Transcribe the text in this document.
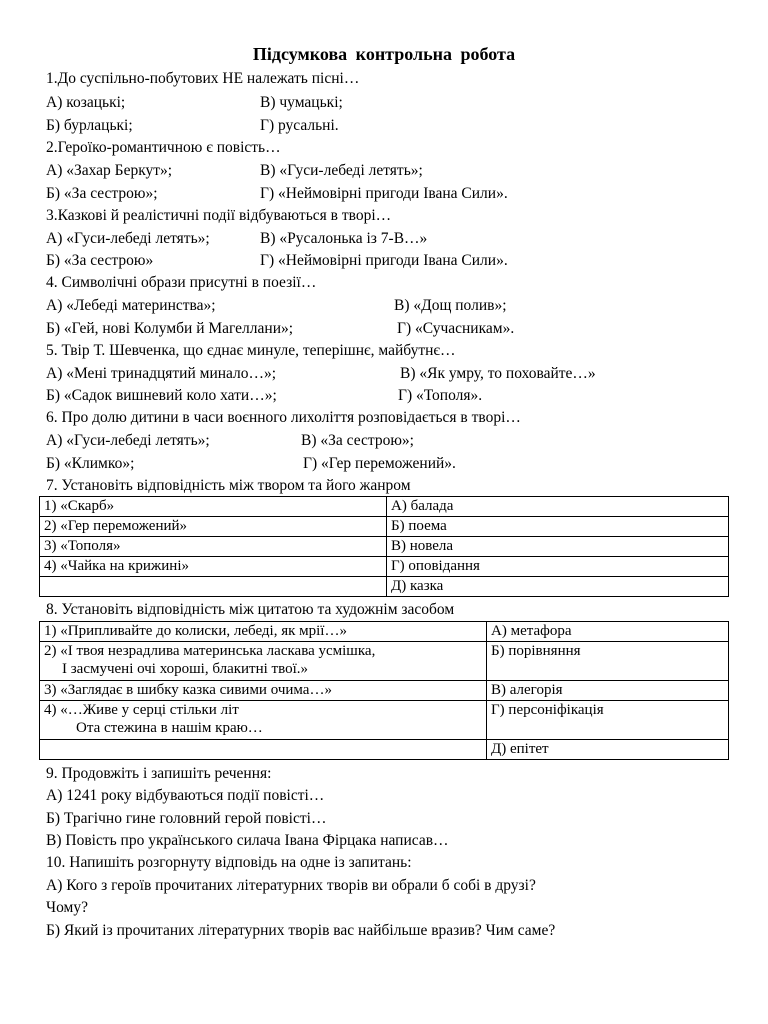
Підсумкова контрольна робота
1.До суспільно-побутових НЕ належать пісні…
А) козацькі;	В) чумацькі;
Б) бурлацькі;	Г) русальні.
2.Героїко-романтичною є повість…
А) «Захар Беркут»;	В) «Гуси-лебеді летять»;
Б) «За сестрою»;	Г) «Неймовірні пригоди Івана Сили».
3.Казкові й реалістичні події відбуваються в творі…
А) «Гуси-лебеді летять»;	В) «Русалонька із 7-В…»
Б) «За сестрою»	Г) «Неймовірні пригоди Івана Сили».
4. Символічні образи присутні в поезії…
А) «Лебеді материнства»;	В) «Дощ полив»;
Б) «Гей, нові Колумби й Магеллани»;	Г) «Сучасникам».
5. Твір Т. Шевченка, що єднає минуле, теперішнє, майбутнє…
А) «Мені тринадцятий минало…»;	В) «Як умру, то поховайте…»
Б) «Садок вишневий коло хати…»;	Г) «Тополя».
6. Про долю дитини в часи воєнного лихоліття розповідається в творі…
А) «Гуси-лебеді летять»;	В) «За сестрою»;
Б) «Климко»;	Г) «Гер переможений».
7. Установіть відповідність між твором та його жанром
1) «Скарб»	А) балада
2) «Гер переможений»	Б) поема
3) «Тополя»	В) новела
4) «Чайка на крижині»	Г) оповідання
	Д) казка
8. Установіть відповідність між цитатою та художнім засобом
1) «Припливайте до колиски, лебеді, як мрії…»	А) метафора
2) «І твоя незрадлива материнська ласкава усмішка,
І засмучені очі хороші, блакитні твої.»	Б) порівняння
3) «Заглядає в шибку казка сивими очима…»	В) алегорія
4) «…Живе у серці стільки літ
Ота стежина в нашім краю…	Г) персоніфікація
	Д) епітет
9. Продовжіть і запишіть речення:
А) 1241 року відбуваються події повісті…
Б) Трагічно гине головний герой повісті…
В) Повість про українського силача Івана Фірцака написав…
10. Напишіть розгорнуту відповідь на одне із запитань:
А) Кого з героїв прочитаних літературних творів ви обрали б собі в друзі?
Чому?
Б) Який із прочитаних літературних творів вас найбільше вразив? Чим саме?
